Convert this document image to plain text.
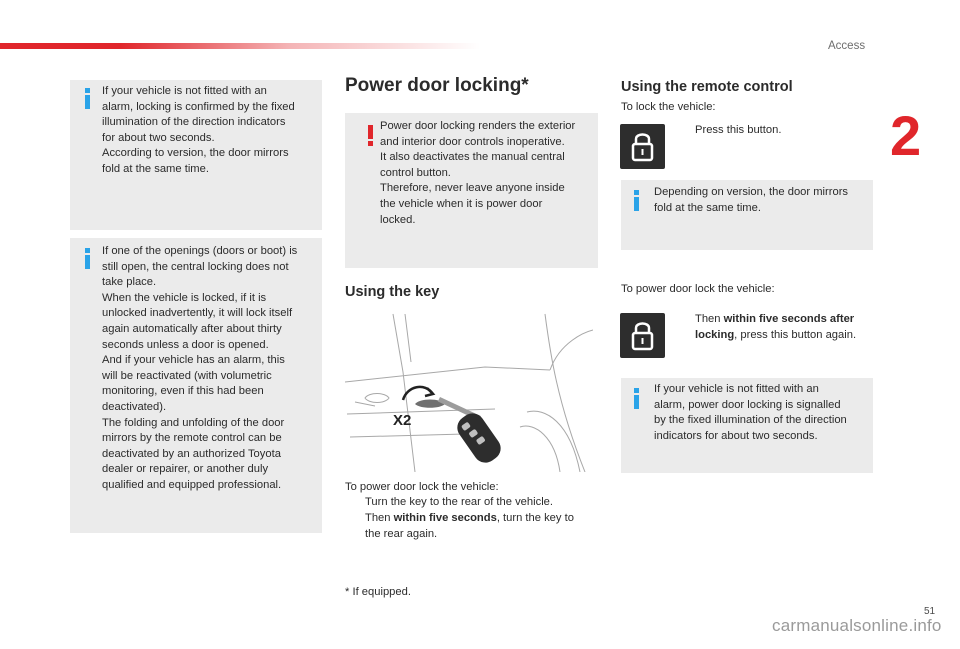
Access
2
If your vehicle is not fitted with an
alarm, locking is confirmed by the fixed
illumination of the direction indicators
for about two seconds.
According to version, the door mirrors
fold at the same time.
If one of the openings (doors or boot) is
still open, the central locking does not
take place.
When the vehicle is locked, if it is
unlocked inadvertently, it will lock itself
again automatically after about thirty
seconds unless a door is opened.
And if your vehicle has an alarm, this
will be reactivated (with volumetric
monitoring, even if this had been
deactivated).
The folding and unfolding of the door
mirrors by the remote control can be
deactivated by an authorized Toyota
dealer or repairer, or another duly
qualified and equipped professional.
Power door locking*
Power door locking renders the exterior
and interior door controls inoperative.
It also deactivates the manual central
control button.
Therefore, never leave anyone inside
the vehicle when it is power door
locked.
Using the key
X2
To power door lock the vehicle:
Turn the key to the rear of the vehicle.
Then within five seconds, turn the key to
the rear again.
* If equipped.
Using the remote control
To lock the vehicle:
Press this button.
Depending on version, the door mirrors
fold at the same time.
To power door lock the vehicle:
Then within five seconds after
locking, press this button again.
If your vehicle is not fitted with an
alarm, power door locking is signalled
by the fixed illumination of the direction
indicators for about two seconds.
51
carmanualsonline.info
